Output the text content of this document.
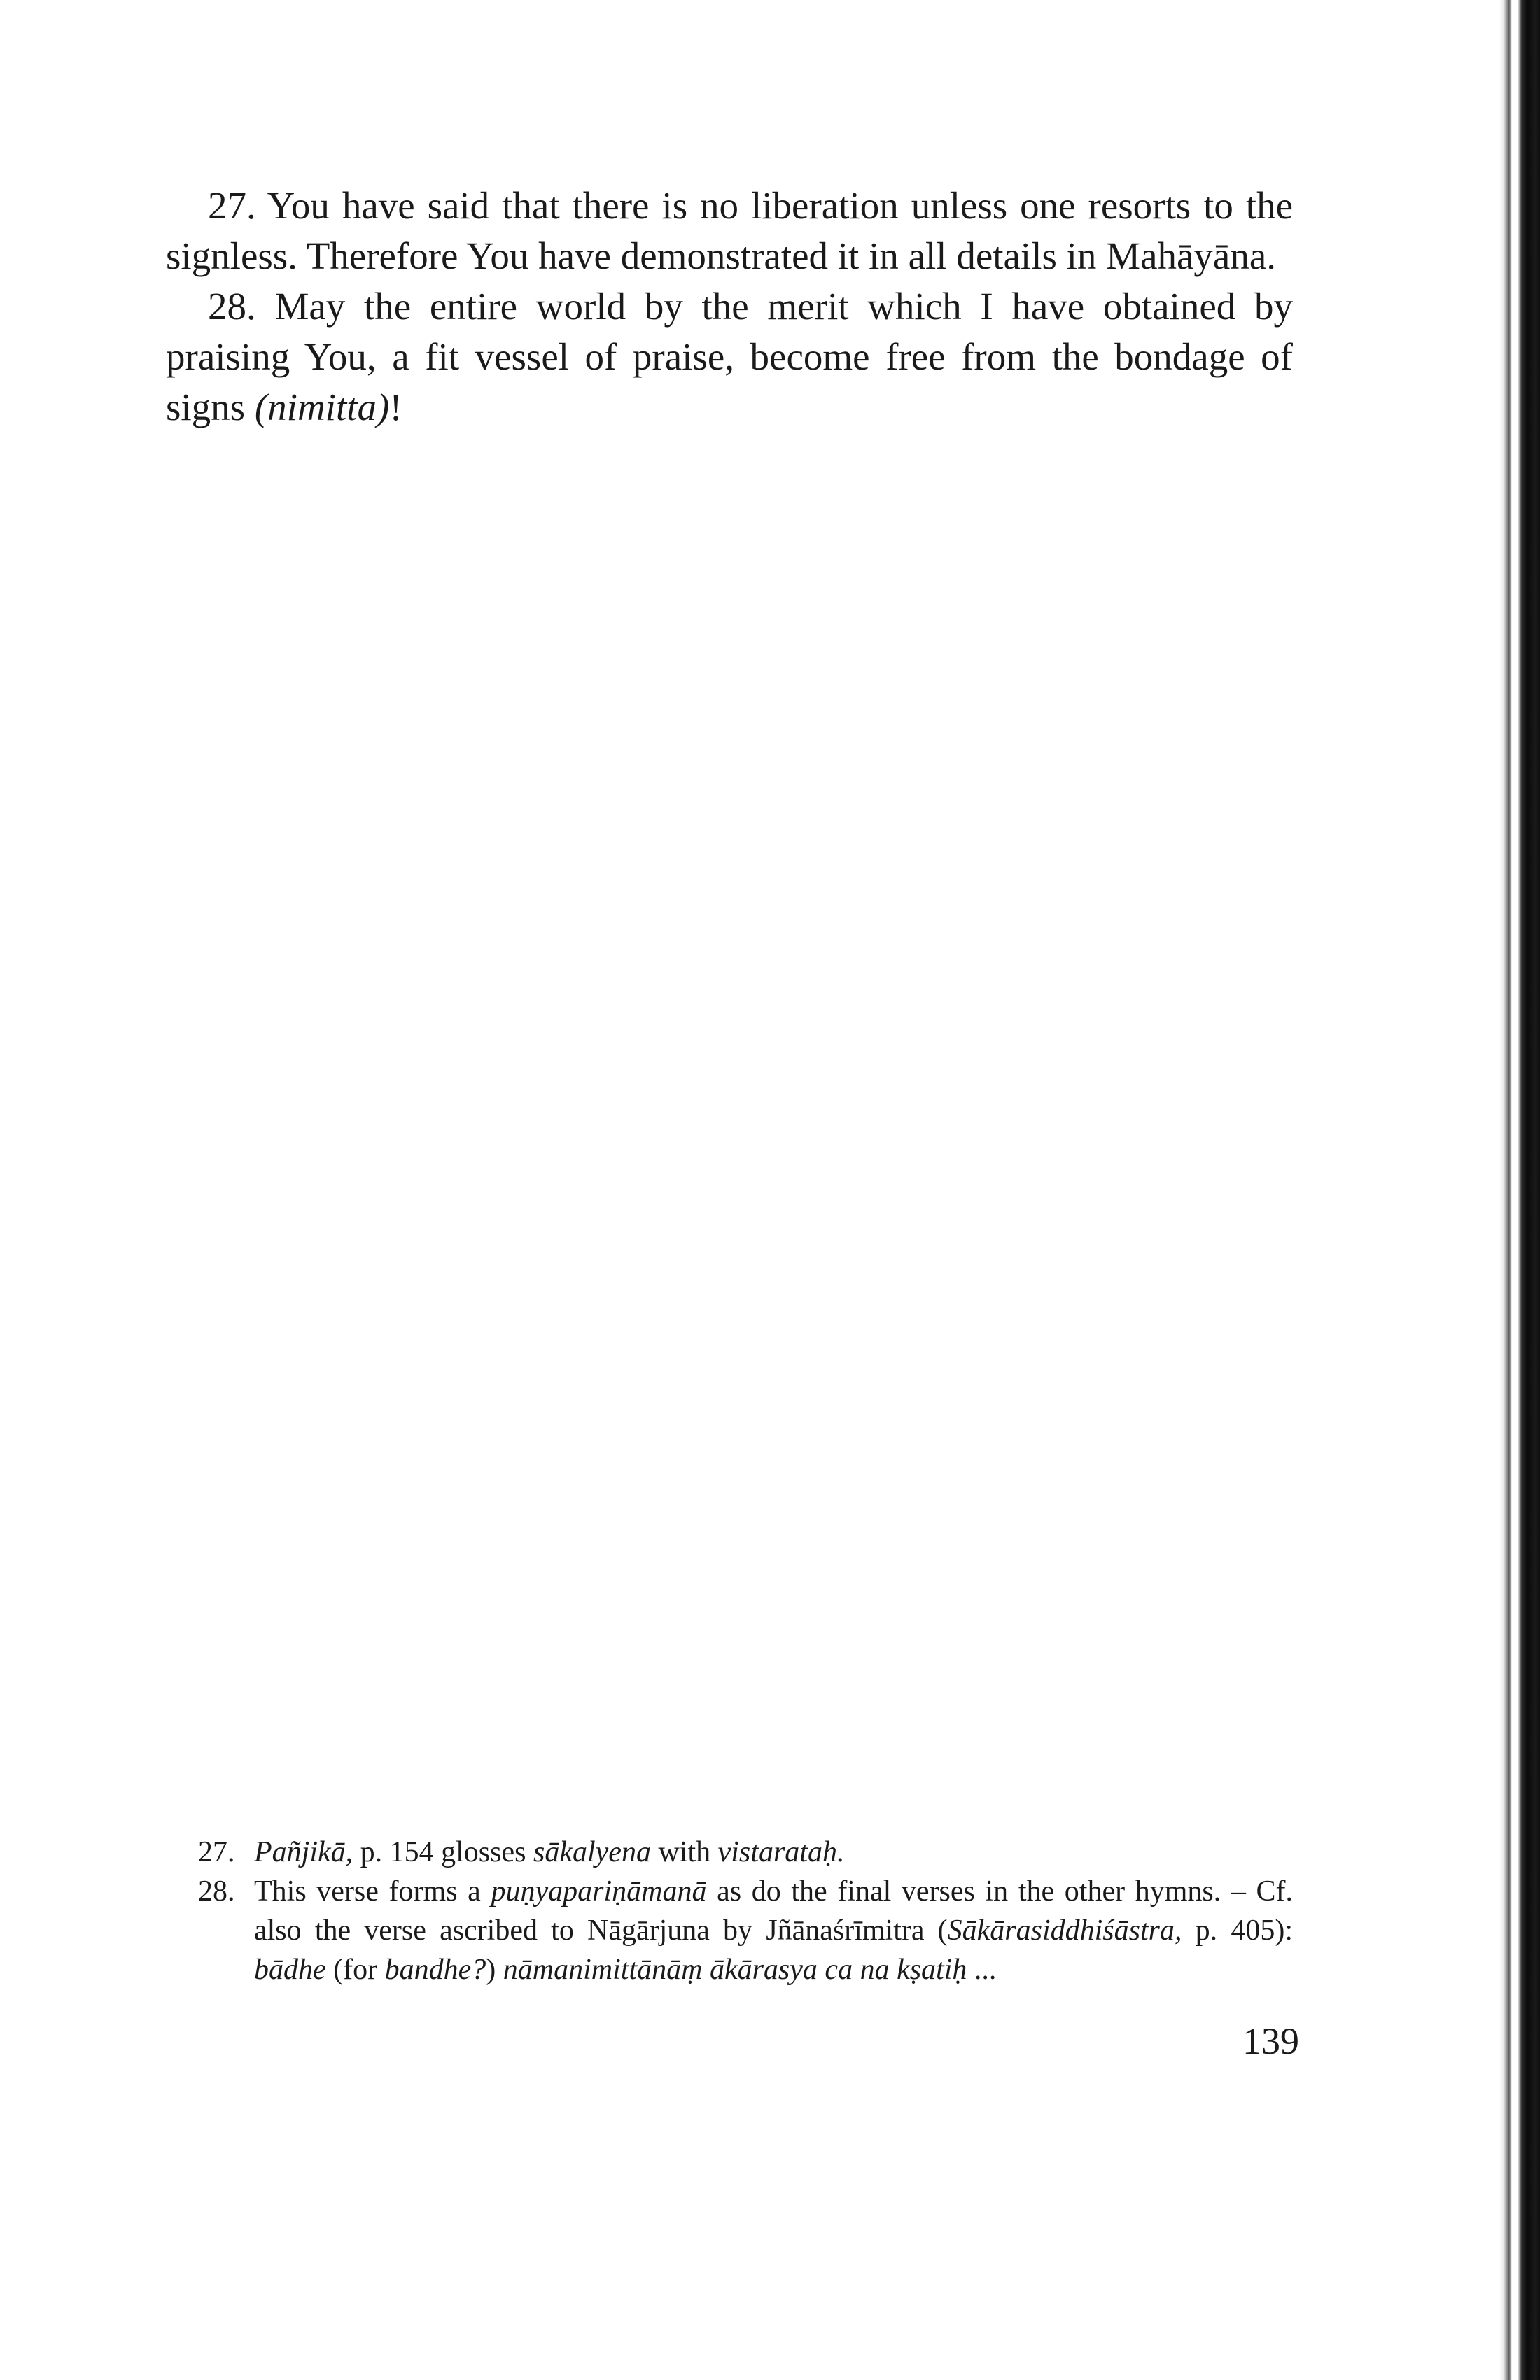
27. You have said that there is no liberation unless one resorts to the signless. Therefore You have demonstrated it in all details in Mahāyāna.

28. May the entire world by the merit which I have obtained by praising You, a fit vessel of praise, become free from the bondage of signs (nimitta)!

27. Pañjikā, p. 154 glosses sākalyena with vistarataḥ.

28. This verse forms a puṇyapariṇāmanā as do the final verses in the other hymns. – Cf. also the verse ascribed to Nāgārjuna by Jñānaśrīmitra (Sākārasiddhiśāstra, p. 405): bādhe (for bandhe?) nāmanimittānāṃ ākārasya ca na kṣatiḥ ...

139
